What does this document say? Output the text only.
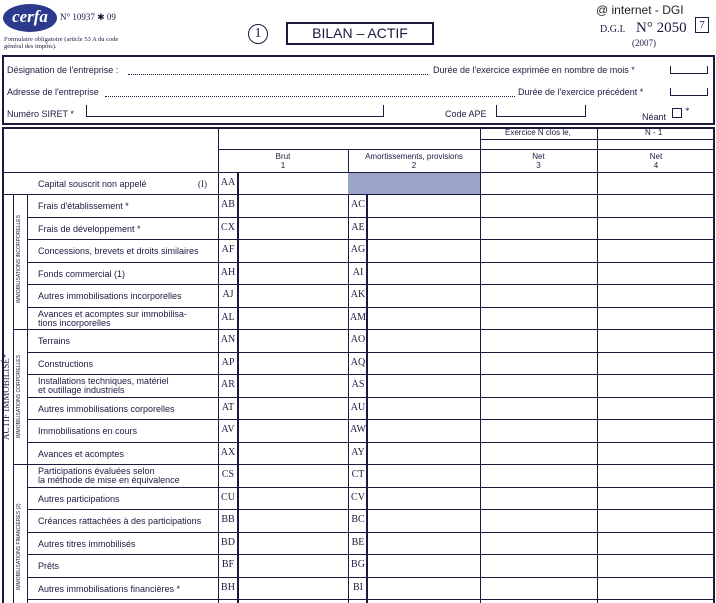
cerfa	N° 10937 ✱ 09
Formulaire obligatoire (article 53 A du code général des impôts).
1	BILAN – ACTIF
@ internet - DGI
D.G.I. N° 2050
(2007)
7
Désignation de l'entreprise :	Durée de l'exercice exprimée en nombre de mois *
Adresse de l'entreprise	Durée de l'exercice précédent *
Numéro SIRET *	Code APE	Néant
*
Exercice N clos le,	N - 1
Brut
1
Amortissements, provisions
2
Net
3
Net
4
ACTIF IMMOBILISÉ*
IMMOBILISATIONS INCORPORELLES
IMMOBILISATIONS CORPORELLES
IMMOBILISATIONS FINANCIÈRES (2)
Capital souscrit non appelé	(I) AA
Frais d'établissement *	AB	AC
Frais de développement *	CX	AE
Concessions, brevets et droits similaires	AF	AG
Fonds commercial (1)	AH	AI
Autres immobilisations incorporelles	AJ	AK
Avances et acomptes sur immobilisa-
tions incorporelles	AL	AM
Terrains	AN	AO
Constructions	AP	AQ
Installations techniques, matériel
et outillage industriels	AR	AS
Autres immobilisations corporelles	AT	AU
Immobilisations en cours	AV	AW
Avances et acomptes	AX	AY
Participations évaluées selon
la méthode de mise en équivalence	CS	CT
Autres participations	CU	CV
Créances rattachées à des participations	BB	BC
Autres titres immobilisés	BD	BE
Prêts	BF	BG
Autres immobilisations financières *	BH	BI
